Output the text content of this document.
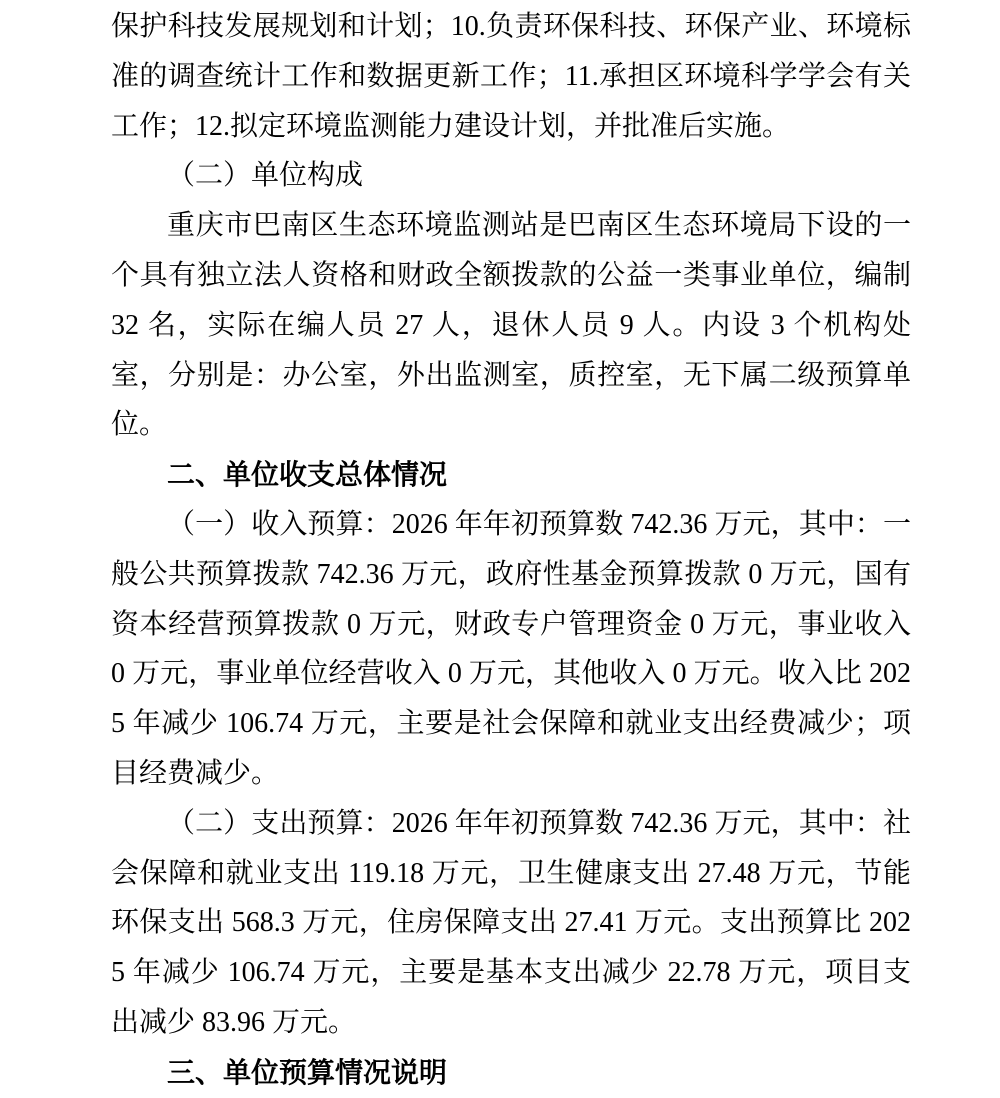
保护科技发展规划和计划；10.负责环保科技、环保产业、环境标准的调查统计工作和数据更新工作；11.承担区环境科学学会有关工作；12.拟定环境监测能力建设计划，并批准后实施。

（二）单位构成

重庆市巴南区生态环境监测站是巴南区生态环境局下设的一个具有独立法人资格和财政全额拨款的公益一类事业单位，编制 32 名，实际在编人员 27 人，退休人员 9 人。内设 3 个机构处室，分别是：办公室，外出监测室，质控室，无下属二级预算单位。

二、单位收支总体情况

（一）收入预算：2026 年年初预算数 742.36 万元，其中：一般公共预算拨款 742.36 万元，政府性基金预算拨款 0 万元，国有资本经营预算拨款 0 万元，财政专户管理资金 0 万元，事业收入 0 万元，事业单位经营收入 0 万元，其他收入 0 万元。收入比 2025 年减少 106.74 万元，主要是社会保障和就业支出经费减少；项目经费减少。

（二）支出预算：2026 年年初预算数 742.36 万元，其中：社会保障和就业支出 119.18 万元，卫生健康支出 27.48 万元，节能环保支出 568.3 万元，住房保障支出 27.41 万元。支出预算比 2025 年减少 106.74 万元，主要是基本支出减少 22.78 万元，项目支出减少 83.96 万元。

三、单位预算情况说明
